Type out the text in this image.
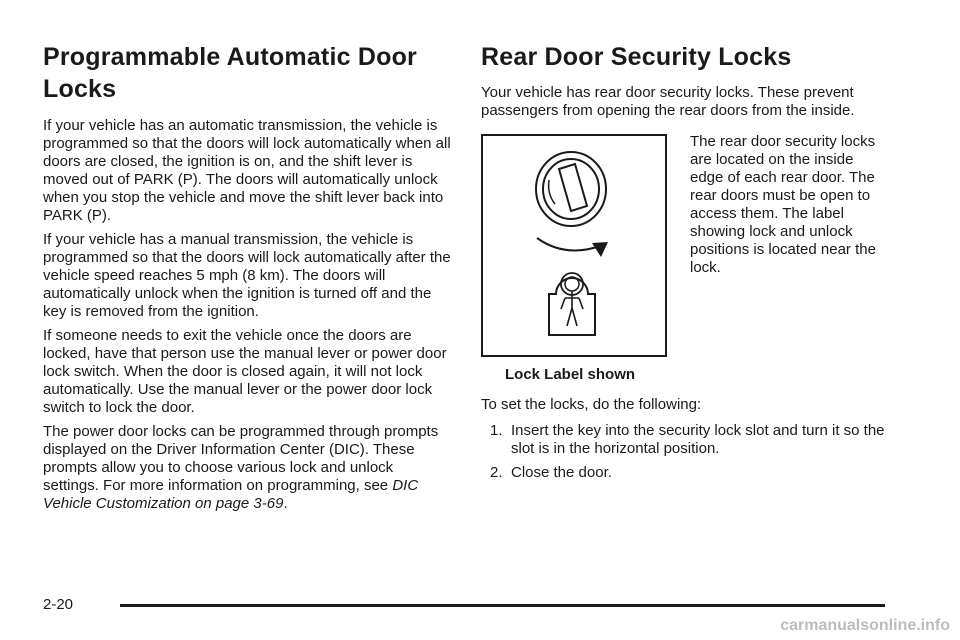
Programmable Automatic Door Locks

If your vehicle has an automatic transmission, the vehicle is programmed so that the doors will lock automatically when all doors are closed, the ignition is on, and the shift lever is moved out of PARK (P). The doors will automatically unlock when you stop the vehicle and move the shift lever back into PARK (P).

If your vehicle has a manual transmission, the vehicle is programmed so that the doors will lock automatically after the vehicle speed reaches 5 mph (8 km). The doors will automatically unlock when the ignition is turned off and the key is removed from the ignition.

If someone needs to exit the vehicle once the doors are locked, have that person use the manual lever or power door lock switch. When the door is closed again, it will not lock automatically. Use the manual lever or the power door lock switch to lock the door.

The power door locks can be programmed through prompts displayed on the Driver Information Center (DIC). These prompts allow you to choose various lock and unlock settings. For more information on programming, see DIC Vehicle Customization on page 3-69.

Rear Door Security Locks

Your vehicle has rear door security locks. These prevent passengers from opening the rear doors from the inside.

Lock Label shown
The rear door security locks are located on the inside edge of each rear door. The rear doors must be open to access them. The label showing lock and unlock positions is located near the lock.

To set the locks, do the following:

1. Insert the key into the security lock slot and turn it so the slot is in the horizontal position.
2. Close the door.
2-20
carmanualsonline.info
